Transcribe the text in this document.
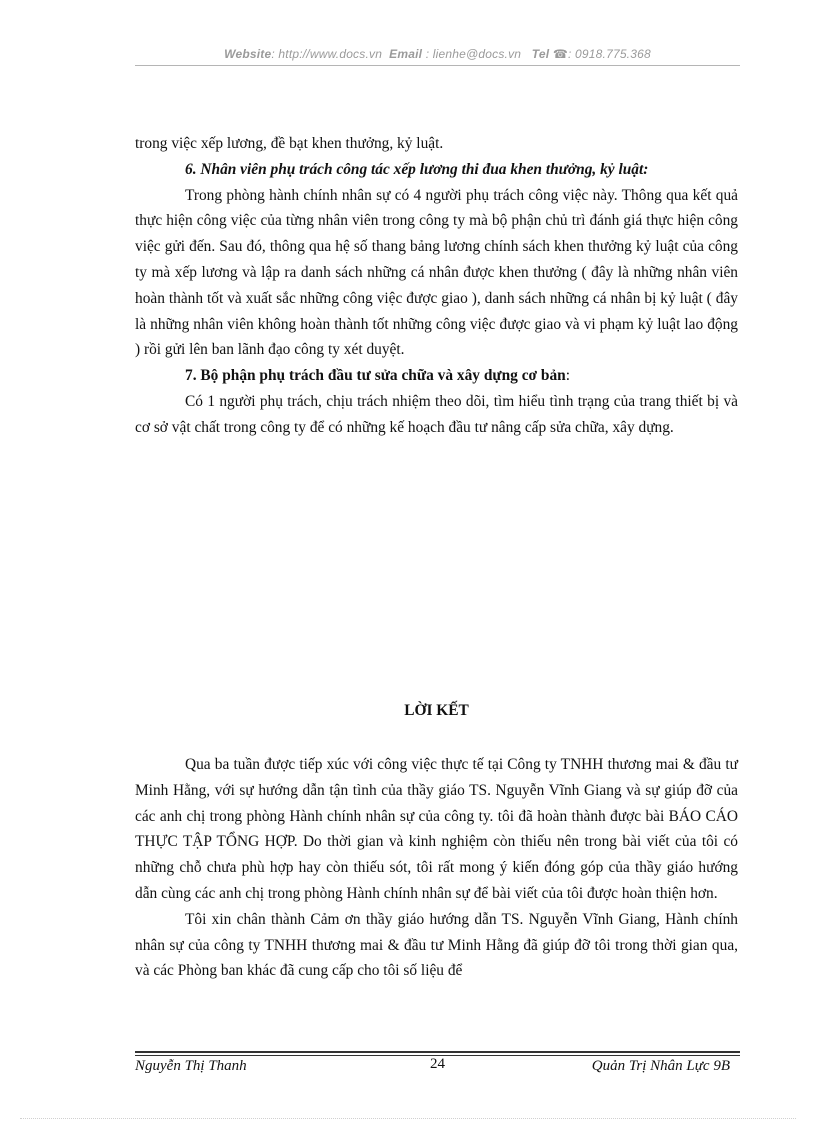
Website: http://www.docs.vn Email : lienhe@docs.vn Tel ☎: 0918.775.368

trong việc xếp lương, đề bạt khen thưởng, kỷ luật.

6. Nhân viên phụ trách công tác xếp lương thi đua khen thưởng, kỷ luật:

Trong phòng hành chính nhân sự có 4 người phụ trách công việc này. Thông qua kết quả thực hiện công việc của từng nhân viên trong công ty mà bộ phận chủ trì đánh giá thực hiện công việc gửi đến. Sau đó, thông qua hệ số thang bảng lương chính sách khen thưởng kỷ luật của công ty mà xếp lương và lập ra danh sách những cá nhân được khen thưởng ( đây là những nhân viên hoàn thành tốt và xuất sắc những công việc được giao ), danh sách những cá nhân bị kỷ luật ( đây là những nhân viên không hoàn thành tốt những công việc được giao và vi phạm kỷ luật lao động ) rồi gửi lên ban lãnh đạo công ty xét duyệt.

7. Bộ phận phụ trách đầu tư sửa chữa và xây dựng cơ bản:

Có 1 người phụ trách, chịu trách nhiệm theo dõi, tìm hiểu tình trạng của trang thiết bị và cơ sở vật chất trong công ty để có những kế hoạch đầu tư nâng cấp sửa chữa, xây dựng.

LỜI KẾT

Qua ba tuần được tiếp xúc với công việc thực tế tại Công ty TNHH thương mai & đầu tư Minh Hằng, với sự hướng dẫn tận tình của thầy giáo TS. Nguyễn Vĩnh Giang và sự giúp đỡ của các anh chị trong phòng Hành chính nhân sự của công ty. tôi đã hoàn thành được bài BÁO CÁO THỰC TẬP TỔNG HỢP. Do thời gian và kinh nghiệm còn thiếu nên trong bài viết của tôi có những chỗ chưa phù hợp hay còn thiếu sót, tôi rất mong ý kiến đóng góp của thầy giáo hướng dẫn cùng các anh chị trong phòng Hành chính nhân sự để bài viết của tôi được hoàn thiện hơn.

Tôi xin chân thành Cảm ơn thầy giáo hướng dẫn TS. Nguyễn Vĩnh Giang, Hành chính nhân sự của công ty TNHH thương mai & đầu tư Minh Hằng đã giúp đỡ tôi trong thời gian qua, và các Phòng ban khác đã cung cấp cho tôi số liệu để

Nguyễn Thị Thanh	24	Quản Trị Nhân Lực 9B
